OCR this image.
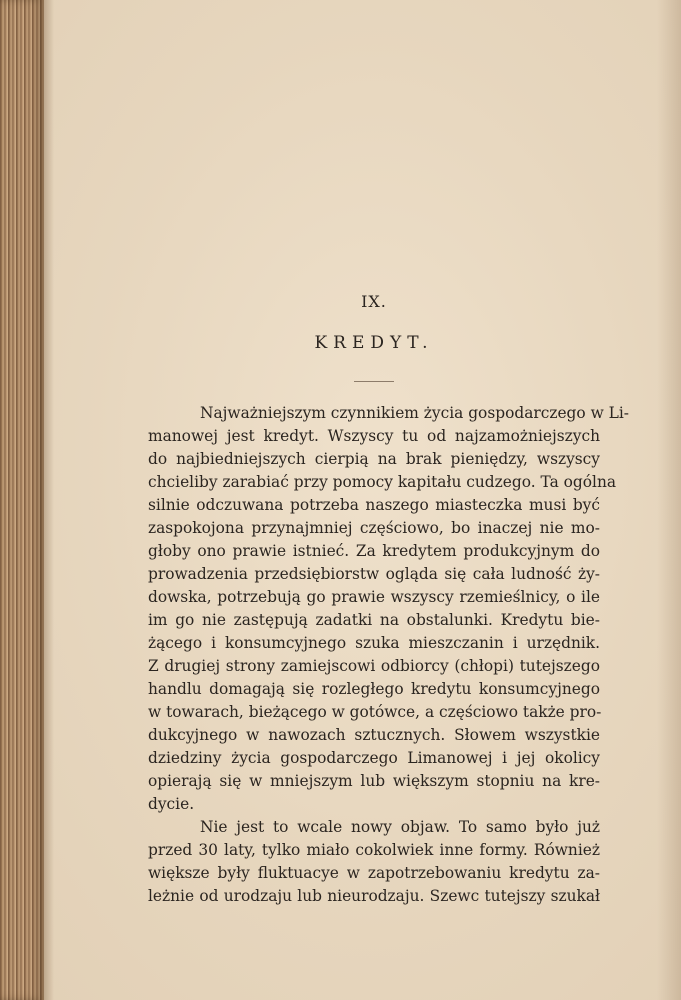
IX.
KREDYT.
Najważniejszym czynnikiem życia gospodarczego w Li-
manowej jest kredyt. Wszyscy tu od najzamożniejszych
do najbiedniejszych cierpią na brak pieniędzy, wszyscy
chcieliby zarabiać przy pomocy kapitału cudzego. Ta ogólna
silnie odczuwana potrzeba naszego miasteczka musi być
zaspokojona przynajmniej częściowo, bo inaczej nie mo-
głoby ono prawie istnieć. Za kredytem produkcyjnym do
prowadzenia przedsiębiorstw ogląda się cała ludność ży-
dowska, potrzebują go prawie wszyscy rzemieślnicy, o ile
im go nie zastępują zadatki na obstalunki. Kredytu bie-
żącego i konsumcyjnego szuka mieszczanin i urzędnik.
Z drugiej strony zamiejscowi odbiorcy (chłopi) tutejszego
handlu domagają się rozległego kredytu konsumcyjnego
w towarach, bieżącego w gotówce, a częściowo także pro-
dukcyjnego w nawozach sztucznych. Słowem wszystkie
dziedziny życia gospodarczego Limanowej i jej okolicy
opierają się w mniejszym lub większym stopniu na kre-
dycie.
Nie jest to wcale nowy objaw. To samo było już
przed 30 laty, tylko miało cokolwiek inne formy. Również
większe były fluktuacye w zapotrzebowaniu kredytu za-
leżnie od urodzaju lub nieurodzaju. Szewc tutejszy szukał
